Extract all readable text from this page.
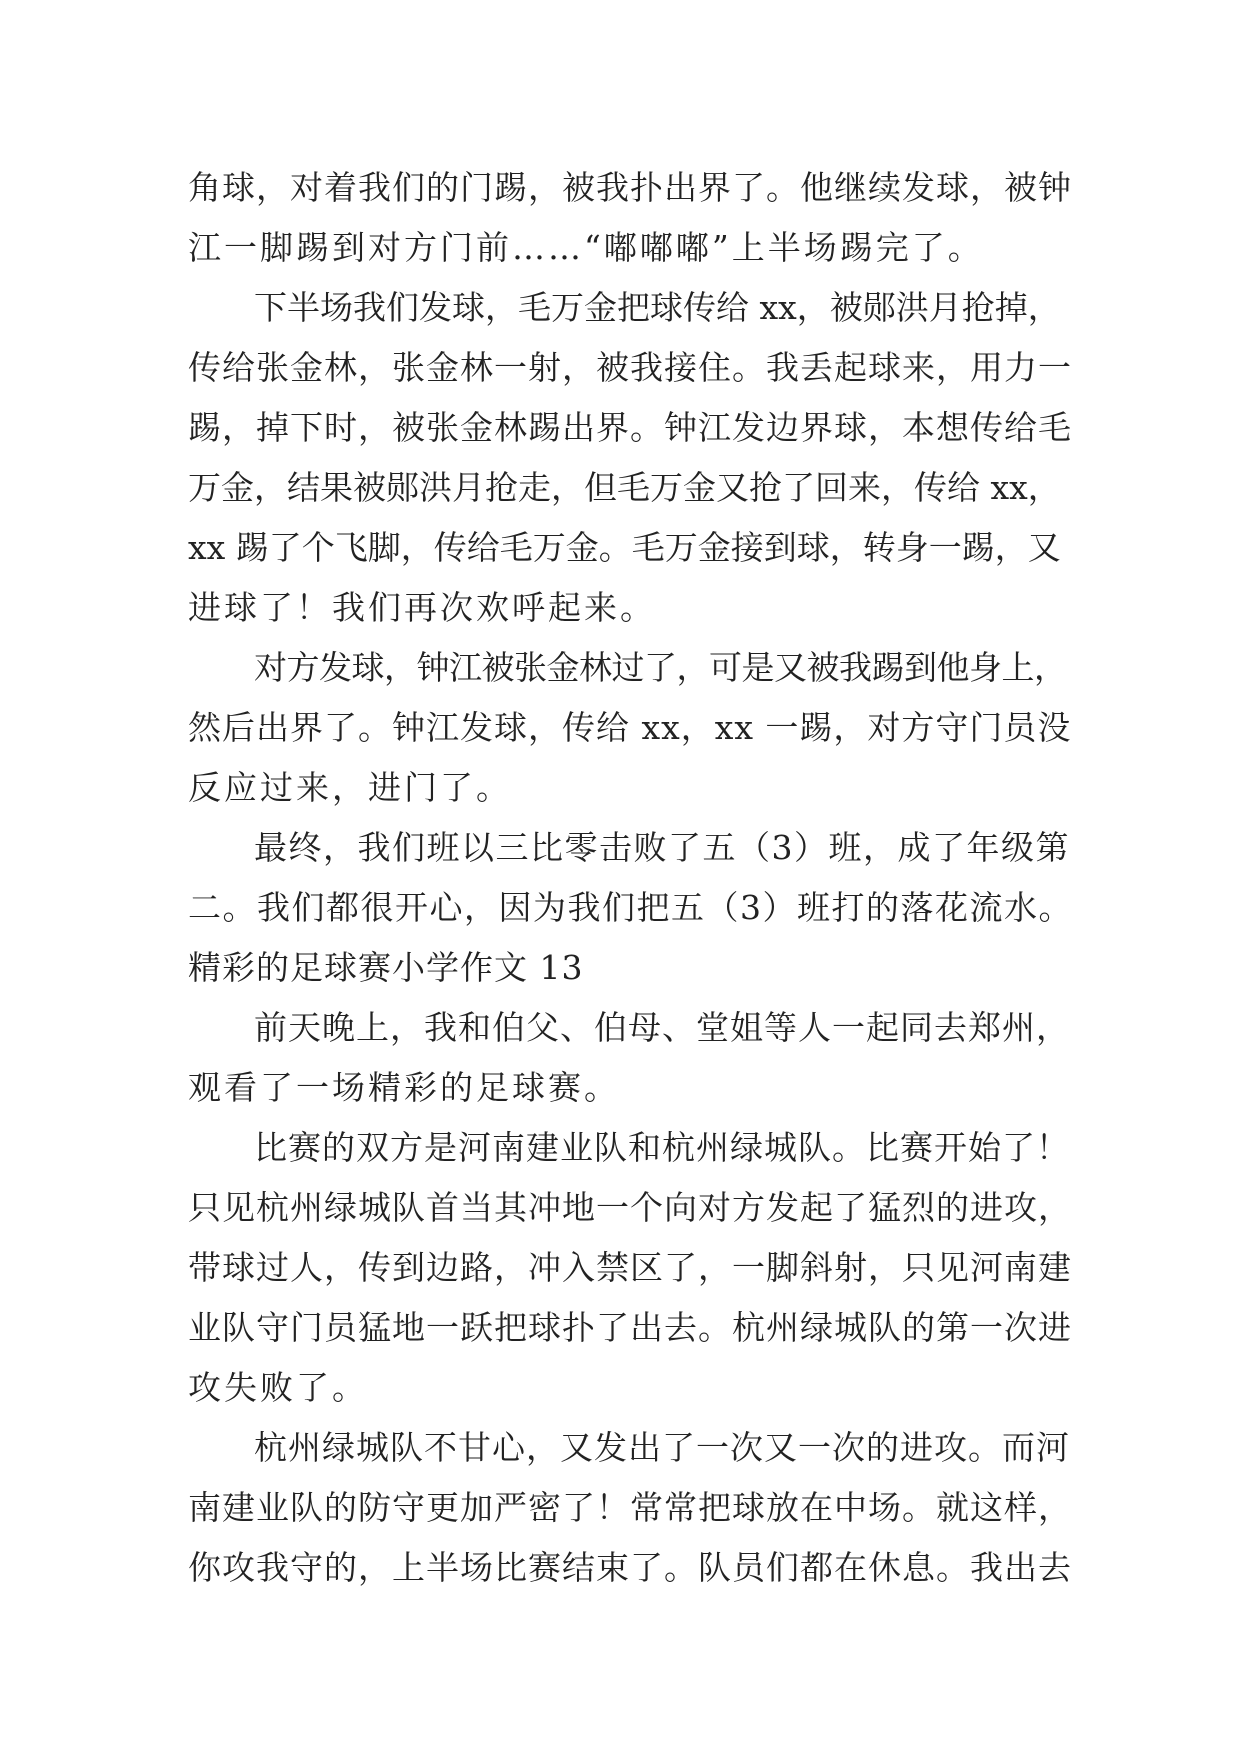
角球，对着我们的门踢，被我扑出界了。他继续发球，被钟
江一脚踢到对方门前……“嘟嘟嘟”上半场踢完了。
下半场我们发球，毛万金把球传给 xx，被郧洪月抢掉，
传给张金林，张金林一射，被我接住。我丢起球来，用力一
踢，掉下时，被张金林踢出界。钟江发边界球，本想传给毛
万金，结果被郧洪月抢走，但毛万金又抢了回来，传给 xx，
xx 踢了个飞脚，传给毛万金。毛万金接到球，转身一踢，又
进球了！我们再次欢呼起来。
对方发球，钟江被张金林过了，可是又被我踢到他身上，
然后出界了。钟江发球，传给 xx，xx 一踢，对方守门员没
反应过来，进门了。
最终，我们班以三比零击败了五（3）班，成了年级第
二。我们都很开心，因为我们把五（3）班打的落花流水。
精彩的足球赛小学作文 13
前天晚上，我和伯父、伯母、堂姐等人一起同去郑州，
观看了一场精彩的足球赛。
比赛的双方是河南建业队和杭州绿城队。比赛开始了！
只见杭州绿城队首当其冲地一个向对方发起了猛烈的进攻，
带球过人，传到边路，冲入禁区了，一脚斜射，只见河南建
业队守门员猛地一跃把球扑了出去。杭州绿城队的第一次进
攻失败了。
杭州绿城队不甘心，又发出了一次又一次的进攻。而河
南建业队的防守更加严密了！常常把球放在中场。就这样，
你攻我守的，上半场比赛结束了。队员们都在休息。我出去
